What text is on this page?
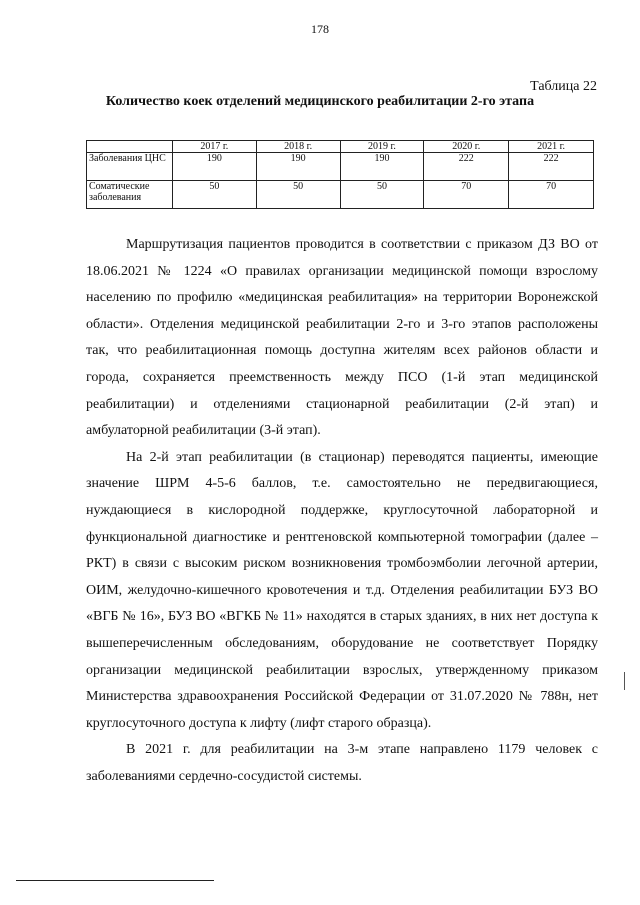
178
Таблица 22
Количество коек отделений медицинского реабилитации 2-го этапа
	2017 г.	2018 г.	2019 г.	2020 г.	2021 г.
Заболевания ЦНС	190	190	190	222	222
Соматические заболевания	50	50	50	70	70

Маршрутизация пациентов проводится в соответствии с приказом ДЗ ВО от 18.06.2021 № 1224 «О правилах организации медицинской помощи взрослому населению по профилю «медицинская реабилитация» на территории Воронежской области». Отделения медицинской реабилитации 2-го и 3-го этапов расположены так, что реабилитационная помощь доступна жителям всех районов области и города, сохраняется преемственность между ПСО (1-й этап медицинской реабилитации) и отделениями стационарной реабилитации (2-й этап) и амбулаторной реабилитации (3-й этап).

На 2-й этап реабилитации (в стационар) переводятся пациенты, имеющие значение ШРМ 4-5-6 баллов, т.е. самостоятельно не передвигающиеся, нуждающиеся в кислородной поддержке, круглосуточной лабораторной и функциональной диагностике и рентгеновской компьютерной томографии (далее – РКТ) в связи с высоким риском возникновения тромбоэмболии легочной артерии, ОИМ, желудочно-кишечного кровотечения и т.д. Отделения реабилитации БУЗ ВО «ВГБ № 16», БУЗ ВО «ВГКБ № 11» находятся в старых зданиях, в них нет доступа к вышеперечисленным обследованиям, оборудование не соответствует Порядку организации медицинской реабилитации взрослых, утвержденному приказом Министерства здравоохранения Российской Федерации от 31.07.2020 № 788н, нет круглосуточного доступа к лифту (лифт старого образца).

В 2021 г. для реабилитации на 3-м этапе направлено 1179 человек с заболеваниями сердечно-сосудистой системы.
